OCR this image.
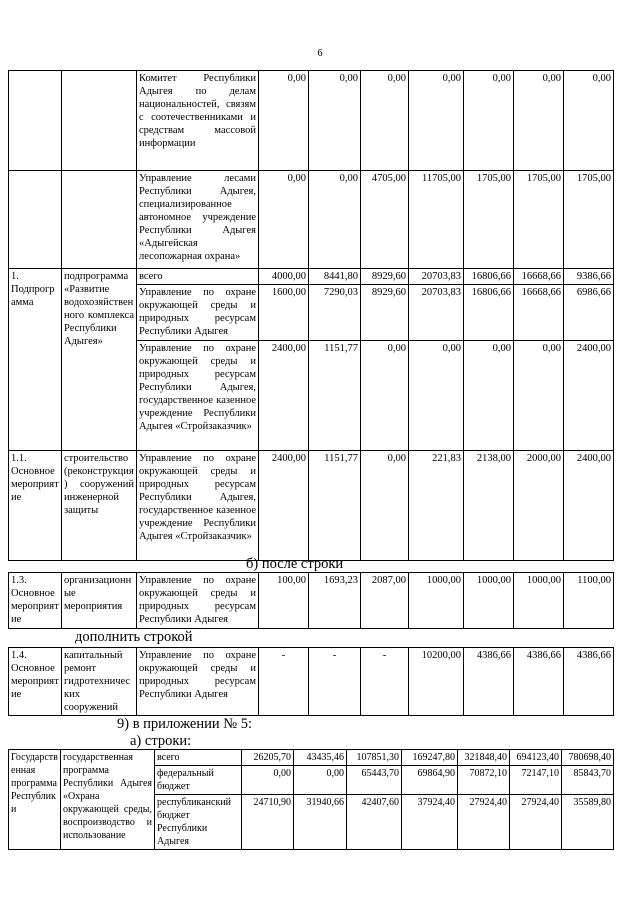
6
		Комитет Республики Адыгея по делам национальностей, связям с соотечественниками и средствам массовой информации	0,00	0,00	0,00	0,00	0,00	0,00	0,00
		Управление лесами Республики Адыгея, специализированное автономное учреждение Республики Адыгея «Адыгейская лесопожарная охрана»	0,00	0,00	4705,00	11705,00	1705,00	1705,00	1705,00
1. Подпрограмма	подпрограмма «Развитие водохозяйственного комплекса Республики Адыгея»	всего	4000,00	8441,80	8929,60	20703,83	16806,66	16668,66	9386,66
		Управление по охране окружающей среды и природных ресурсам Республики Адыгея	1600,00	7290,03	8929,60	20703,83	16806,66	16668,66	6986,66
		Управление по охране окружающей среды и природных ресурсам Республики Адыгея, государственное казенное учреждение Республики Адыгея «Стройзаказчик»	2400,00	1151,77	0,00	0,00	0,00	0,00	2400,00
1.1. Основное мероприятие	строительство (реконструкция) сооружений инженерной защиты	Управление по охране окружающей среды и природных ресурсам Республики Адыгея, государственное казенное учреждение Республики Адыгея «Стройзаказчик»	2400,00	1151,77	0,00	221,83	2138,00	2000,00	2400,00
б) после строки
1.3. Основное мероприятие	организационные мероприятия	Управление по охране окружающей среды и природных ресурсам Республики Адыгея	100,00	1693,23	2087,00	1000,00	1000,00	1000,00	1100,00
дополнить строкой
1.4. Основное мероприятие	капитальный ремонт гидротехнических сооружений	Управление по охране окружающей среды и природных ресурсам Республики Адыгея	-	-	-	10200,00	4386,66	4386,66	4386,66
9) в приложении № 5:
а) строки:
Государственная программа Республики	государственная программа Республики Адыгея «Охрана окружающей среды, воспроизводство и использование	всего	26205,70	43435,46	107851,30	169247,80	321848,40	694123,40	780698,40
		федеральный бюджет	0,00	0,00	65443,70	69864,90	70872,10	72147,10	85843,70
		республиканский бюджет Республики Адыгея	24710,90	31940,66	42407,60	37924,40	27924,40	27924,40	35589,80
